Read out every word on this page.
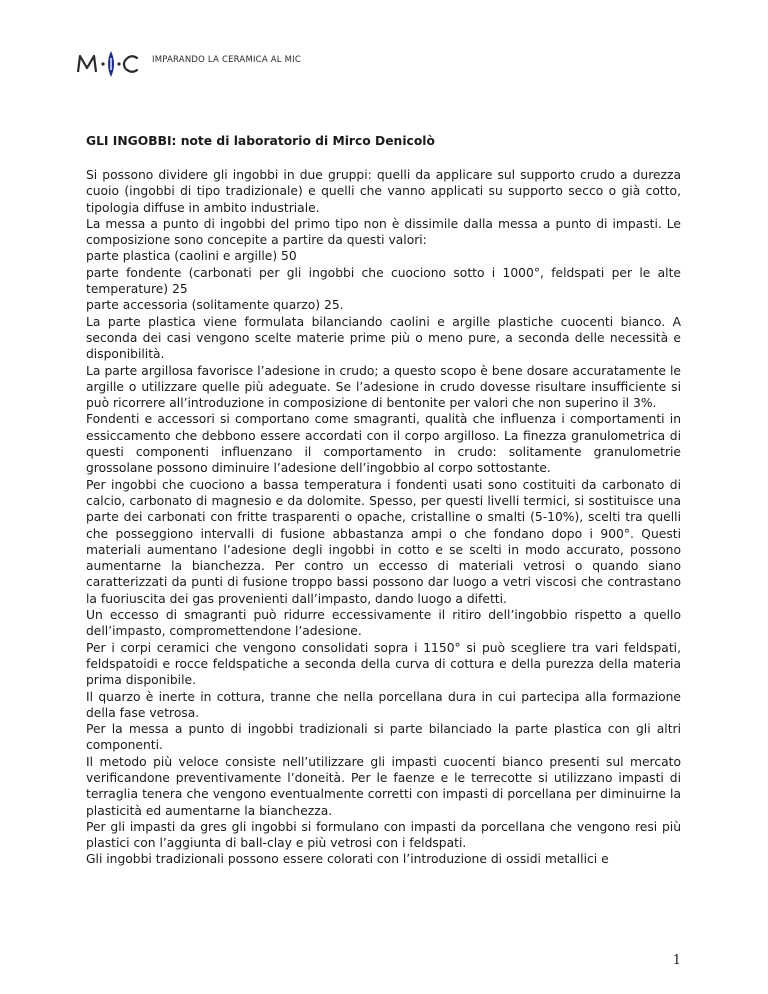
IMPARANDO LA CERAMICA AL MIC
GLI INGOBBI: note di laboratorio di Mirco Denicolò

Si possono dividere gli ingobbi in due gruppi: quelli da applicare sul supporto crudo a durezza cuoio (ingobbi di tipo tradizionale) e quelli che vanno applicati su supporto secco o già cotto, tipologia diffuse in ambito industriale.

La messa a punto di ingobbi del primo tipo non è dissimile dalla messa a punto di impasti. Le composizione sono concepite a partire da questi valori:

parte plastica (caolini e argille) 50

parte fondente (carbonati per gli ingobbi che cuociono sotto i 1000°, feldspati per le alte temperature) 25

parte accessoria (solitamente quarzo) 25.

La parte plastica viene formulata bilanciando caolini e argille plastiche cuocenti bianco. A seconda dei casi vengono scelte materie prime più o meno pure, a seconda delle necessità e disponibilità.

La parte argillosa favorisce l’adesione in crudo; a questo scopo è bene dosare accuratamente le argille o utilizzare quelle più adeguate. Se l’adesione in crudo dovesse risultare insufficiente si può ricorrere all’introduzione in composizione di bentonite per valori che non superino il 3%.

Fondenti e accessori si comportano come smagranti, qualità che influenza i comportamenti in essiccamento che debbono essere accordati con il corpo argilloso. La finezza granulometrica di questi componenti influenzano il comportamento in crudo: solitamente granulometrie grossolane possono diminuire l’adesione dell’ingobbio al corpo sottostante.

Per ingobbi che cuociono a bassa temperatura i fondenti usati sono costituiti da carbonato di calcio, carbonato di magnesio e da dolomite. Spesso, per questi livelli termici, si sostituisce una parte dei carbonati con fritte trasparenti o opache, cristalline o smalti (5-10%), scelti tra quelli che posseggiono intervalli di fusione abbastanza ampi o che fondano dopo i 900°. Questi materiali aumentano l’adesione degli ingobbi in cotto e se scelti in modo accurato, possono aumentarne la bianchezza. Per contro un eccesso di materiali vetrosi o quando siano caratterizzati da punti di fusione troppo bassi possono dar luogo a vetri viscosi che contrastano la fuoriuscita dei gas provenienti dall’impasto, dando luogo a difetti.

Un eccesso di smagranti può ridurre eccessivamente il ritiro dell’ingobbio rispetto a quello dell’impasto, compromettendone l’adesione.

Per i corpi ceramici che vengono consolidati sopra i 1150° si può scegliere tra vari feldspati, feldspatoidi e rocce feldspatiche a seconda della curva di cottura e della purezza della materia prima disponibile.

Il quarzo è inerte in cottura, tranne che nella porcellana dura in cui partecipa alla formazione della fase vetrosa.

Per la messa a punto di ingobbi tradizionali si parte bilanciado la parte plastica con gli altri componenti.

Il metodo più veloce consiste nell’utilizzare gli impasti cuocenti bianco presenti sul mercato verificandone preventivamente l’doneità. Per le faenze e le terrecotte si utilizzano impasti di terraglia tenera che vengono eventualmente corretti con impasti di porcellana per diminuirne la plasticità ed aumentarne la bianchezza.

Per gli impasti da gres gli ingobbi si formulano con impasti da porcellana che vengono resi più plastici con l’aggiunta di ball-clay e più vetrosi con i feldspati.

Gli ingobbi tradizionali possono essere colorati con l’introduzione di ossidi metallici e

1
